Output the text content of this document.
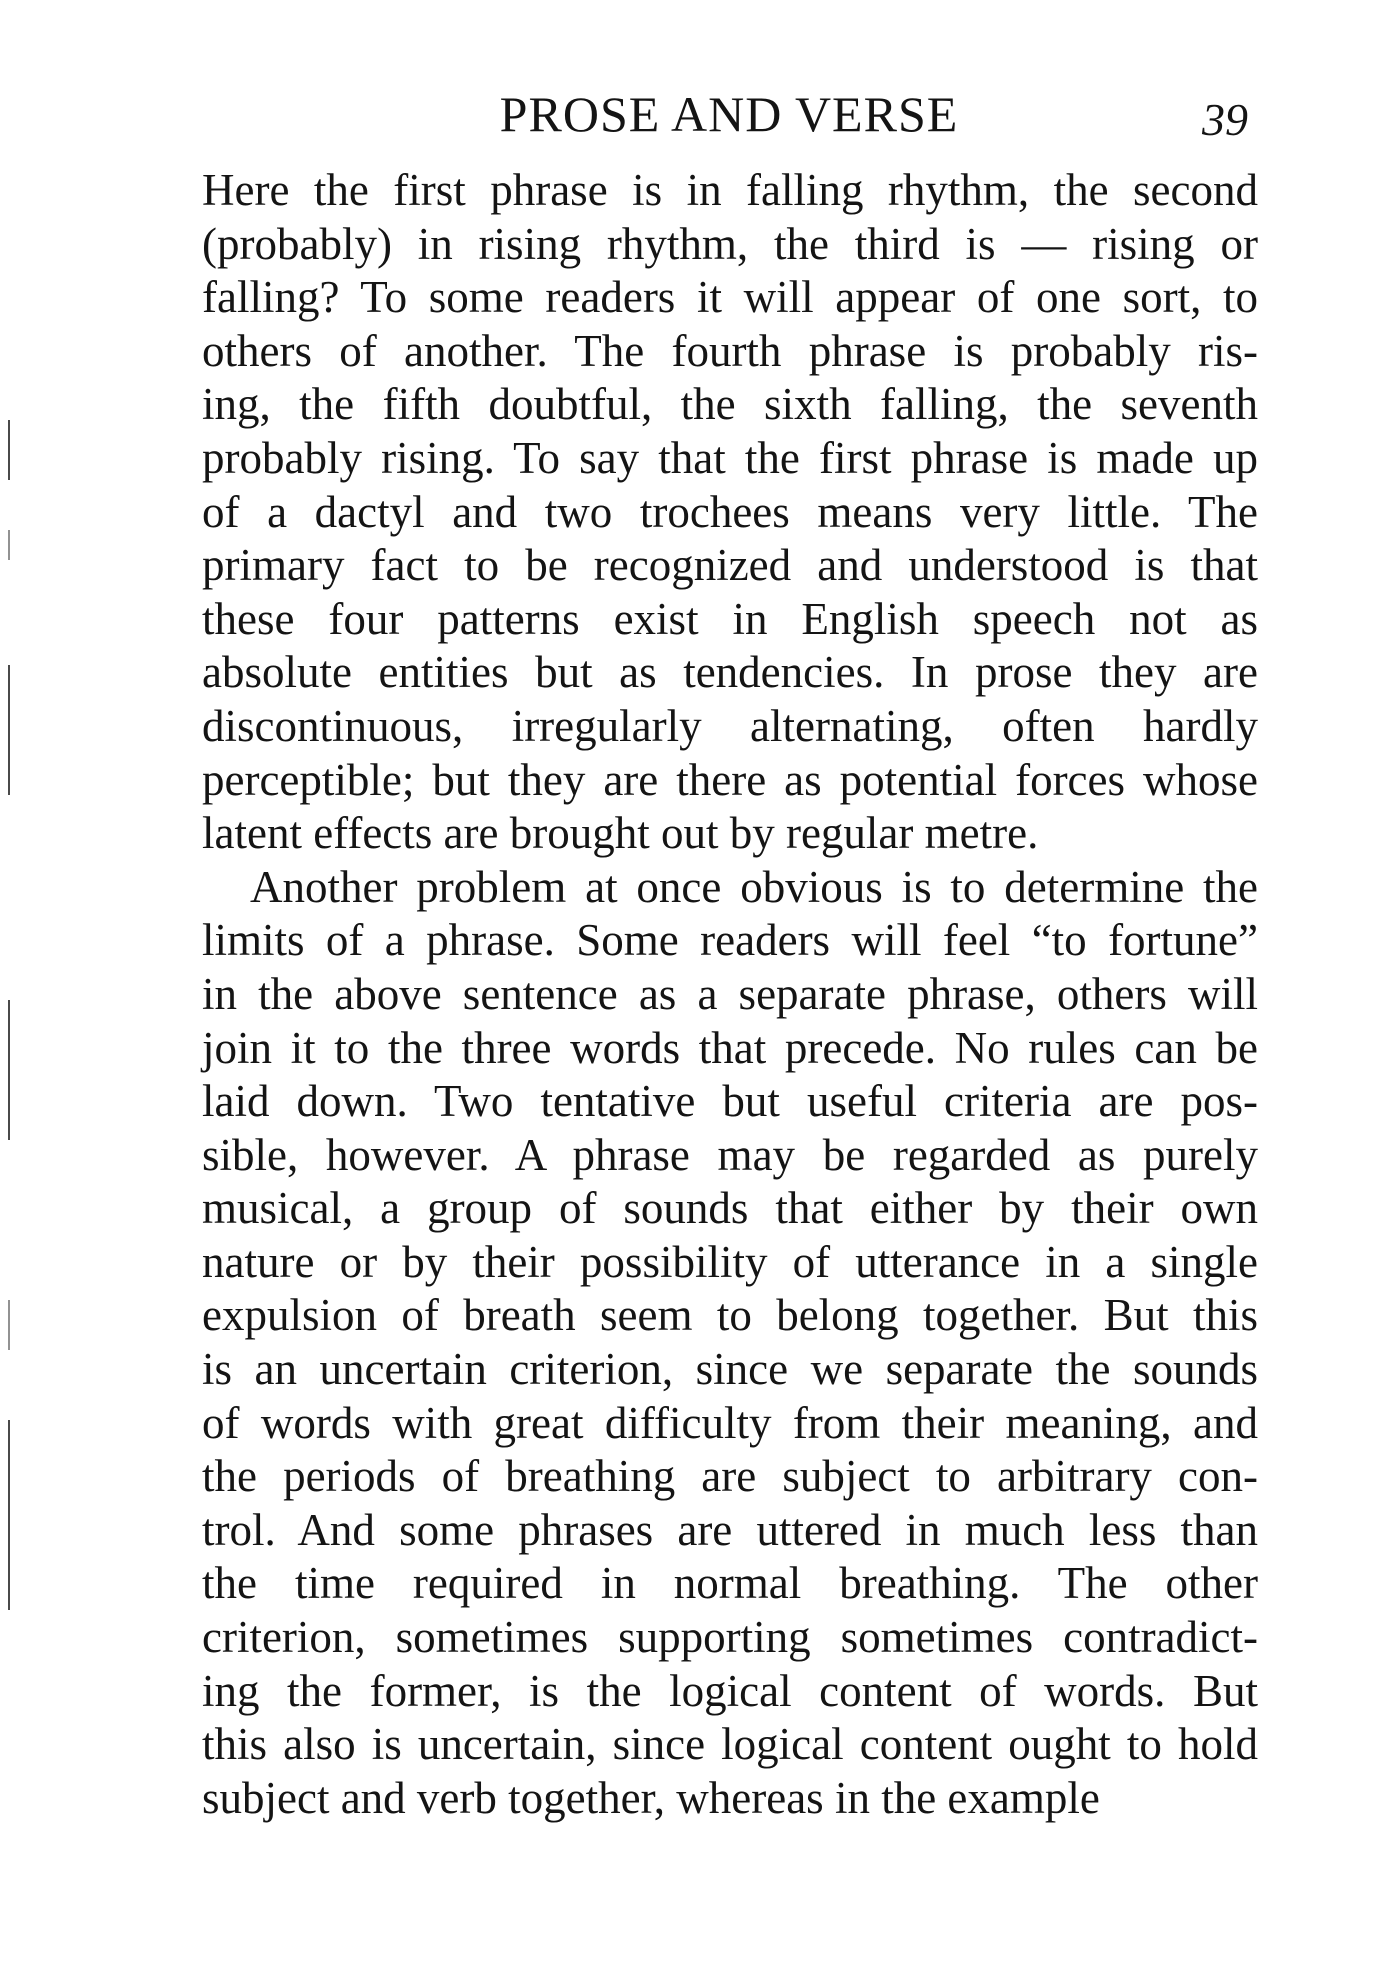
PROSE AND VERSE	39
Here the first phrase is in falling rhythm, the second
(probably) in rising rhythm, the third is — rising or
falling? To some readers it will appear of one sort, to
others of another. The fourth phrase is probably ris-
ing, the fifth doubtful, the sixth falling, the seventh
probably rising. To say that the first phrase is made up
of a dactyl and two trochees means very little. The
primary fact to be recognized and understood is that
these four patterns exist in English speech not as
absolute entities but as tendencies. In prose they are
discontinuous, irregularly alternating, often hardly
perceptible; but they are there as potential forces whose
latent effects are brought out by regular metre.
Another problem at once obvious is to determine the
limits of a phrase. Some readers will feel “to fortune”
in the above sentence as a separate phrase, others will
join it to the three words that precede. No rules can be
laid down. Two tentative but useful criteria are pos-
sible, however. A phrase may be regarded as purely
musical, a group of sounds that either by their own
nature or by their possibility of utterance in a single
expulsion of breath seem to belong together. But this
is an uncertain criterion, since we separate the sounds
of words with great difficulty from their meaning, and
the periods of breathing are subject to arbitrary con-
trol. And some phrases are uttered in much less than
the time required in normal breathing. The other
criterion, sometimes supporting sometimes contradict-
ing the former, is the logical content of words. But
this also is uncertain, since logical content ought to hold
subject and verb together, whereas in the example
